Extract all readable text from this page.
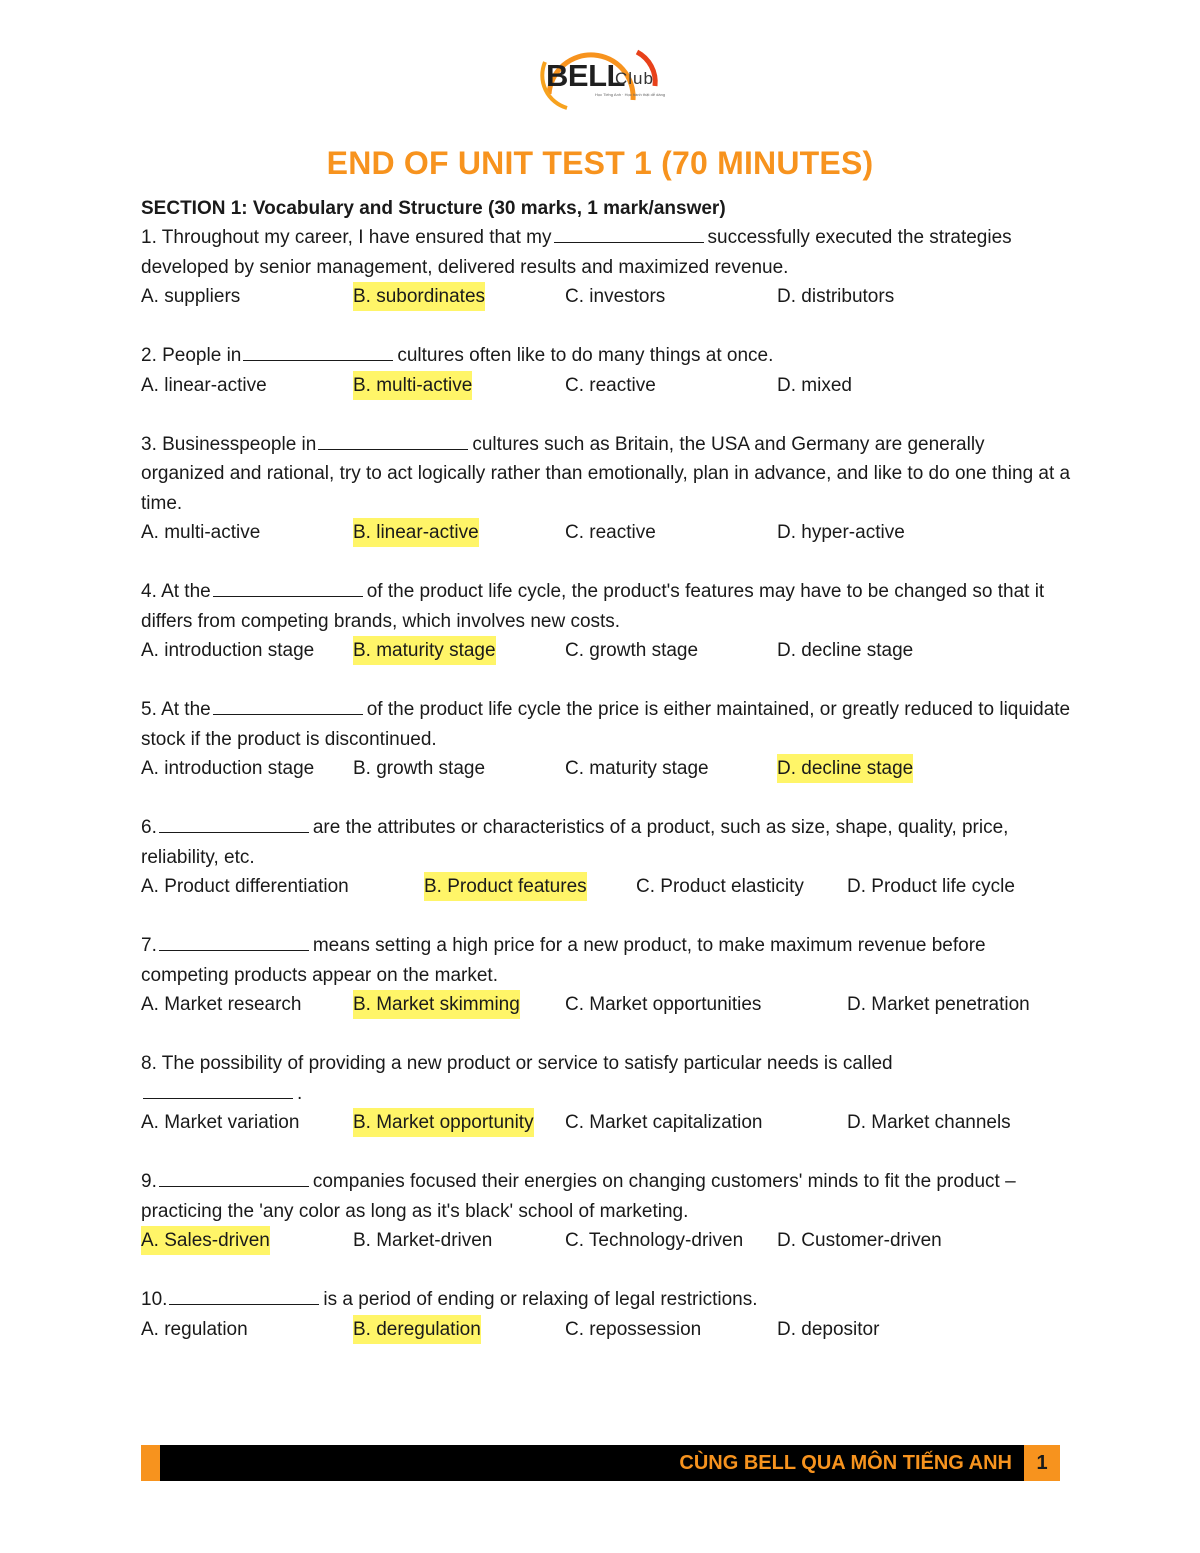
BELL
Club
Học Tiếng Anh · Học hành thật dễ dàng
END OF UNIT TEST 1 (70 MINUTES)
SECTION 1: Vocabulary and Structure (30 marks, 1 mark/answer)
1. Throughout my career, I have ensured that my	successfully executed the strategies developed by senior management, delivered results and maximized revenue.
A. suppliers	B. subordinates	C. investors	D. distributors
2. People in	cultures often like to do many things at once.
A. linear-active	B. multi-active	C. reactive	D. mixed
3. Businesspeople in	cultures such as Britain, the USA and Germany are generally organized and rational, try to act logically rather than emotionally, plan in advance, and like to do one thing at a time.
A. multi-active	B. linear-active	C. reactive	D. hyper-active
4. At the	of the product life cycle, the product's features may have to be changed so that it differs from competing brands, which involves new costs.
A. introduction stage B. maturity stage	C. growth stage	D. decline stage
5. At the	of the product life cycle the price is either maintained, or greatly reduced to liquidate stock if the product is discontinued.
A. introduction stage B. growth stage	C. maturity stage	D. decline stage
6.	are the attributes or characteristics of a product, such as size, shape, quality, price, reliability, etc.
A. Product differentiation	B. Product features	C. Product elasticity D. Product life cycle
7.	means setting a high price for a new product, to make maximum revenue before competing products appear on the market.
A. Market research	B. Market skimming C. Market opportunities	D. Market penetration
8. The possibility of providing a new product or service to satisfy particular needs is called
.
A. Market variation	B. Market opportunity C. Market capitalization	D. Market channels
9.	companies focused their energies on changing customers' minds to fit the product – practicing the 'any color as long as it's black' school of marketing.
A. Sales-driven	B. Market-driven	C. Technology-driven D. Customer-driven
10.	is a period of ending or relaxing of legal restrictions.
A. regulation	B. deregulation	C. repossession	D. depositor
CÙNG BELL QUA MÔN TIẾNG ANH	1
